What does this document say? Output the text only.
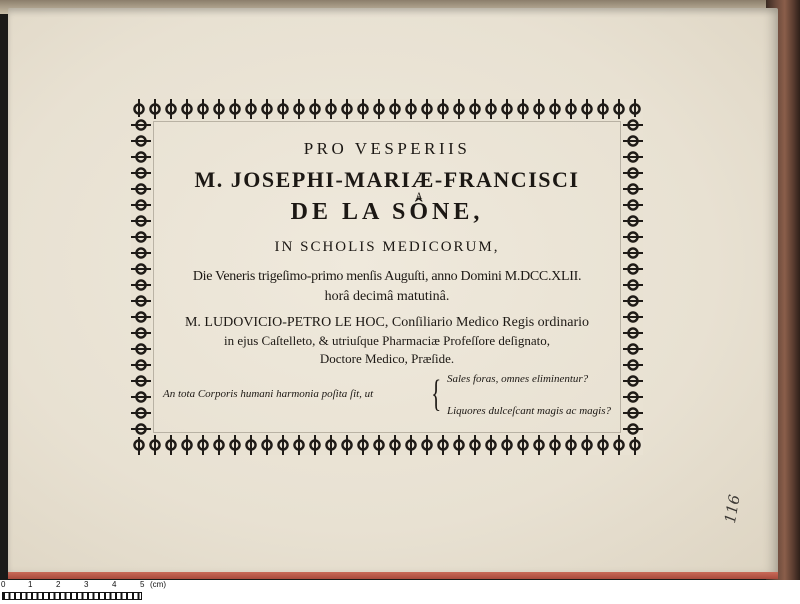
PRO VESPERIIS
M. JOSEPHI-MARIÆ-FRANCISCI
A
DE LA SÔNE,
IN SCHOLIS MEDICORUM,
Die Veneris trigeſimo-primo menſis Auguſti, anno Domini M.DCC.XLII.
horâ decimâ matutinâ.
M. LUDOVICIO-PETRO LE HOC, Conſiliario Medico Regis ordinario
in ejus Caſtelleto, & utriuſque Pharmaciæ Profeſſore deſignato,
Doctore Medico, Præſide.
An tota Corporis humani harmonia poſita ſit, ut { Sales foras, omnes eliminentur?
Liquores dulceſcant magis ac magis?
116
0	1	2	3	4	5 (cm)
